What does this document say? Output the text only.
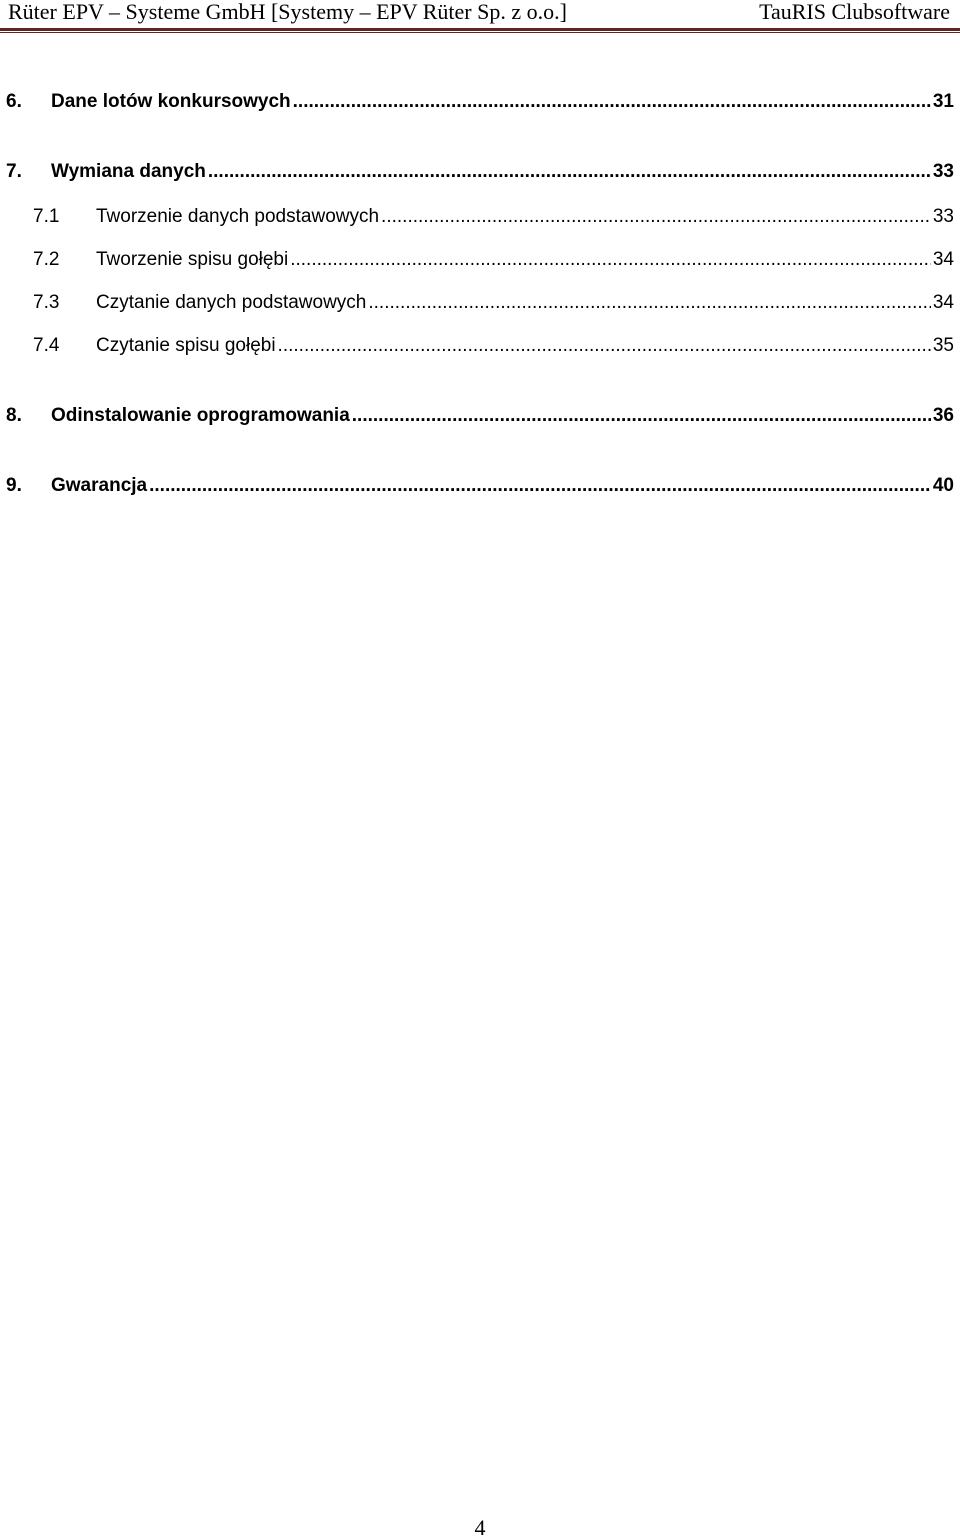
Rüter EPV – Systeme GmbH [Systemy – EPV Rüter Sp. z o.o.]	TauRIS Clubsoftware
6. Dane lotów konkursowych .....	31
7. Wymiana danych .....	33
7.1 Tworzenie danych podstawowych .....	33
7.2 Tworzenie spisu gołębi .....	34
7.3 Czytanie danych podstawowych .....	34
7.4 Czytanie spisu gołębi .....	35
8. Odinstalowanie oprogramowania .....	36
9. Gwarancja .....	40
4
